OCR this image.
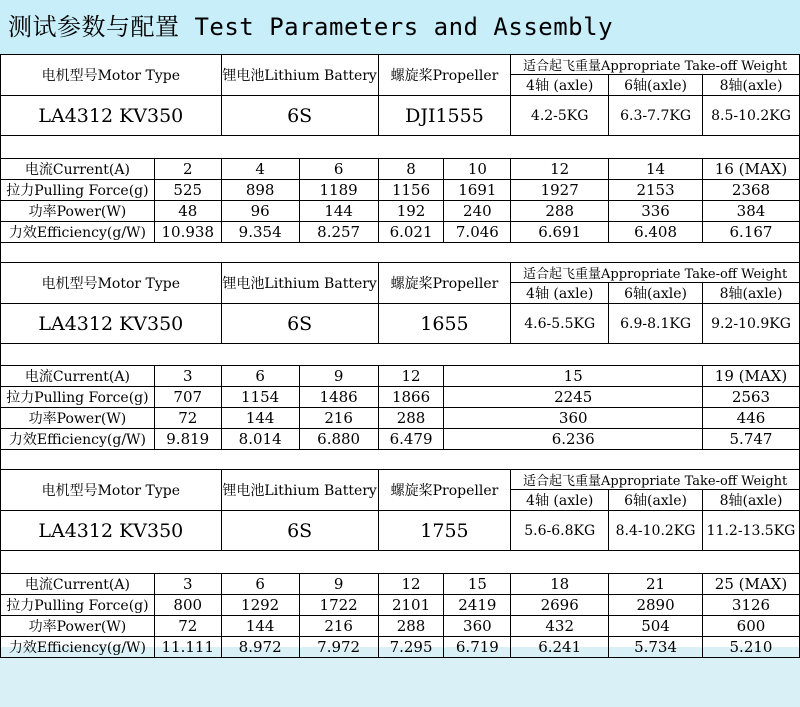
测试参数与配置 Test Parameters and Assembly
电机型号Motor Type		锂电池Lithium Battery		螺旋桨Propeller		适合起飞重量Appropriate Take-off Weight		
						4轴 (axle)	6轴(axle)	8轴(axle)
LA4312 KV350		6S		DJI1555		4.2-5KG	6.3-7.7KG	8.5-10.2KG

电流Current(A)	2	4	6	8	10	12	14	16 (MAX)
拉力Pulling Force(g)	525	898	1189	1156	1691	1927	2153	2368
功率Power(W)	48	96	144	192	240	288	336	384
力效Efficiency(g/W)	10.938	9.354	8.257	6.021	7.046	6.691	6.408	6.167

电机型号Motor Type		锂电池Lithium Battery		螺旋桨Propeller		适合起飞重量Appropriate Take-off Weight		
						4轴 (axle)	6轴(axle)	8轴(axle)
LA4312 KV350		6S		1655		4.6-5.5KG	6.9-8.1KG	9.2-10.9KG

电流Current(A)	3	6	9	12	15			19 (MAX)
拉力Pulling Force(g)	707	1154	1486	1866	2245			2563
功率Power(W)	72	144	216	288	360			446
力效Efficiency(g/W)	9.819	8.014	6.880	6.479	6.236			5.747

电机型号Motor Type		锂电池Lithium Battery		螺旋桨Propeller		适合起飞重量Appropriate Take-off Weight		
						4轴 (axle)	6轴(axle)	8轴(axle)
LA4312 KV350		6S		1755		5.6-6.8KG	8.4-10.2KG	11.2-13.5KG

电流Current(A)	3	6	9	12	15	18	21	25 (MAX)
拉力Pulling Force(g)	800	1292	1722	2101	2419	2696	2890	3126
功率Power(W)	72	144	216	288	360	432	504	600
力效Efficiency(g/W)	11.111	8.972	7.972	7.295	6.719	6.241	5.734	5.210
